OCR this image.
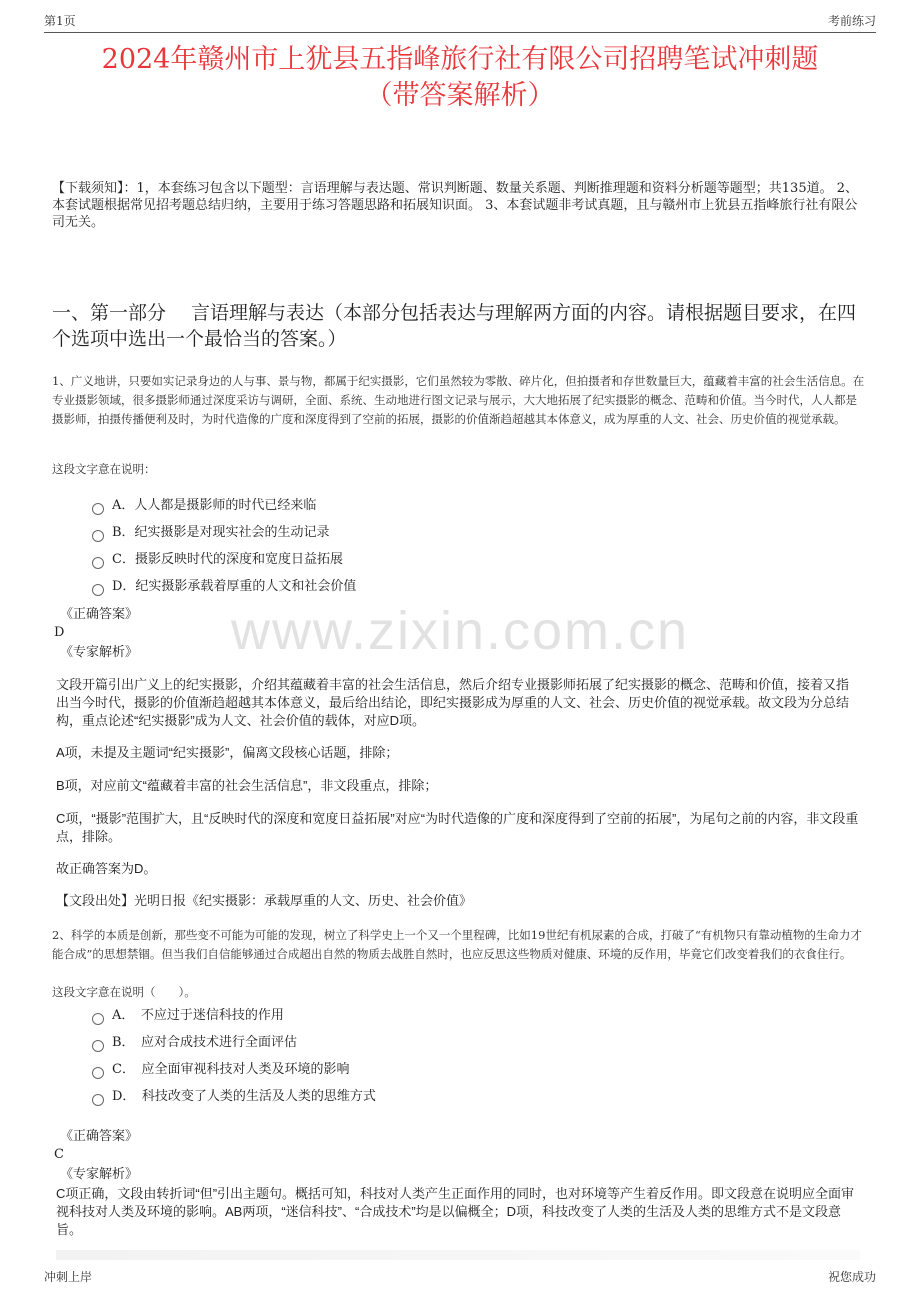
第1页	考前练习
2024年赣州市上犹县五指峰旅行社有限公司招聘笔试冲刺题
（带答案解析）
【下载须知】：1，本套练习包含以下题型：言语理解与表达题、常识判断题、数量关系题、判断推理题和资料分析题等题型；共135道。 2、本套试题根据常见招考题总结归纳，主要用于练习答题思路和拓展知识面。 3、本套试题非考试真题，且与赣州市上犹县五指峰旅行社有限公司无关。
一、第一部分　 言语理解与表达（本部分包括表达与理解两方面的内容。请根据题目要求，在四个选项中选出一个最恰当的答案。）
www.zixin.com.cn
1、广义地讲，只要如实记录身边的人与事、景与物，都属于纪实摄影，它们虽然较为零散、碎片化，但拍摄者和存世数量巨大，蕴藏着丰富的社会生活信息。在专业摄影领域，很多摄影师通过深度采访与调研，全面、系统、生动地进行图文记录与展示，大大地拓展了纪实摄影的概念、范畴和价值。当今时代，人人都是摄影师，拍摄传播便利及时，为时代造像的广度和深度得到了空前的拓展，摄影的价值渐趋超越其本体意义，成为厚重的人文、社会、历史价值的视觉承载。
这段文字意在说明：
A．人人都是摄影师的时代已经来临
B．纪实摄影是对现实社会的生动记录
C．摄影反映时代的深度和宽度日益拓展
D．纪实摄影承载着厚重的人文和社会价值
《正确答案》
D
《专家解析》
文段开篇引出广义上的纪实摄影，介绍其蕴藏着丰富的社会生活信息，然后介绍专业摄影师拓展了纪实摄影的概念、范畴和价值，接着又指出当今时代，摄影的价值渐趋超越其本体意义，最后给出结论，即纪实摄影成为厚重的人文、社会、历史价值的视觉承载。故文段为分总结构，重点论述“纪实摄影”成为人文、社会价值的载体，对应D项。
A项，未提及主题词“纪实摄影”，偏离文段核心话题，排除；
B项，对应前文“蕴藏着丰富的社会生活信息”，非文段重点，排除；
C项，“摄影”范围扩大，且“反映时代的深度和宽度日益拓展”对应“为时代造像的广度和深度得到了空前的拓展”，为尾句之前的内容，非文段重点，排除。
故正确答案为D。
【文段出处】光明日报《纪实摄影：承载厚重的人文、历史、社会价值》
2、科学的本质是创新，那些变不可能为可能的发现，树立了科学史上一个又一个里程碑，比如19世纪有机尿素的合成，打破了“有机物只有靠动植物的生命力才能合成”的思想禁锢。但当我们自信能够通过合成超出自然的物质去战胜自然时，也应反思这些物质对健康、环境的反作用，毕竟它们改变着我们的衣食住行。
这段文字意在说明（　　）。
A．　不应过于迷信科技的作用
B．　应对合成技术进行全面评估
C．　应全面审视科技对人类及环境的影响
D．　科技改变了人类的生活及人类的思维方式
《正确答案》
C
《专家解析》
C项正确，文段由转折词“但”引出主题句。概括可知，科技对人类产生正面作用的同时，也对环境等产生着反作用。即文段意在说明应全面审视科技对人类及环境的影响。AB两项，“迷信科技”、“合成技术”均是以偏概全；D项，科技改变了人类的生活及人类的思维方式不是文段意旨。
冲刺上岸	祝您成功
